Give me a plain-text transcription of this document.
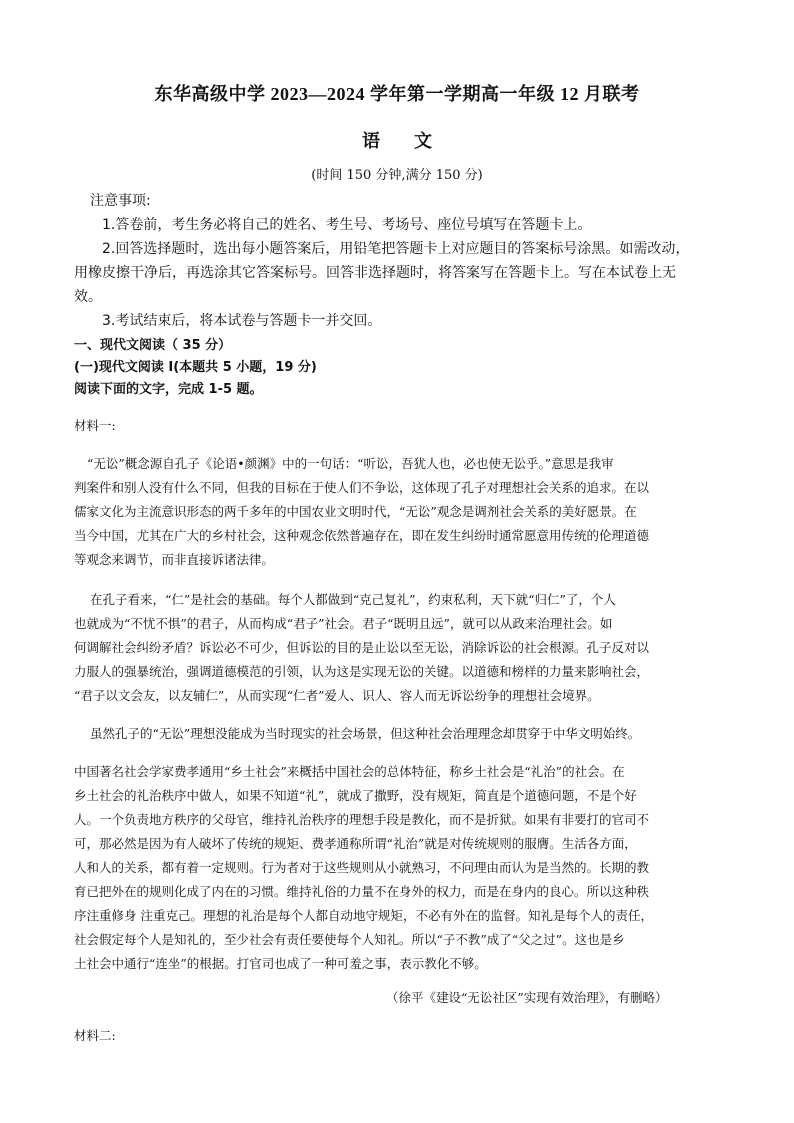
东华高级中学 2023—2024 学年第一学期高一年级 12 月联考
语文
(时间 150 分钟,满分 150 分)
注意事项:
1.答卷前，考生务必将自己的姓名、考生号、考场号、座位号填写在答题卡上。
2.回答选择题时，选出每小题答案后，用铅笔把答题卡上对应题目的答案标号涂黑。如需改动，
用橡皮擦干净后，再选涂其它答案标号。回答非选择题时，将答案写在答题卡上。写在本试卷上无
效。
3.考试结束后，将本试卷与答题卡一并交回。
一、现代文阅读（ 35 分）
(一)现代文阅读 I(本题共 5 小题，19 分)
阅读下面的文字，完成 1-5 题。
材料一:
“无讼”概念源自孔子《论语•颜渊》中的一句话：“听讼，吾犹人也，必也使无讼乎。”意思是我审
判案件和别人没有什么不同，但我的目标在于使人们不争讼，这体现了孔子对理想社会关系的追求。在以
儒家文化为主流意识形态的两千多年的中国农业文明时代，“无讼”观念是调剂社会关系的美好愿景。在
当今中国，尤其在广大的乡村社会，这种观念依然普遍存在，即在发生纠纷时通常愿意用传统的伦理道德
等观念来调节，而非直接诉诸法律。
在孔子看来，“仁”是社会的基础。每个人都做到“克己复礼”，约束私利，天下就“归仁”了，个人
也就成为“不忧不惧”的君子，从而构成“君子”社会。君子“既明且远”，就可以从政来治理社会。如
何调解社会纠纷矛盾？诉讼必不可少，但诉讼的目的是止讼以至无讼，消除诉讼的社会根源。孔子反对以
力服人的强暴统治，强调道德模范的引领，认为这是实现无讼的关键。以道德和榜样的力量来影响社会，
“君子以文会友，以友辅仁”，从而实现“仁者”爱人、识人、容人而无诉讼纷争的理想社会境界。
虽然孔子的“无讼”理想没能成为当时现实的社会场景，但这种社会治理理念却贯穿于中华文明始终。
中国著名社会学家费孝通用“乡土社会”来概括中国社会的总体特征，称乡土社会是“礼治”的社会。在
乡土社会的礼治秩序中做人，如果不知道“礼”，就成了撒野，没有规矩，简直是个道德问题，不是个好
人。一个负责地方秩序的父母官，维持礼治秩序的理想手段是教化，而不是折狱。如果有非要打的官司不
可，那必然是因为有人破坏了传统的规矩、费孝通称所谓“礼治”就是对传统规则的服膺。生活各方面，
人和人的关系，都有着一定规则。行为者对于这些规则从小就熟习，不问理由而认为是当然的。长期的教
育已把外在的规则化成了内在的习惯。维持礼俗的力量不在身外的权力，而是在身内的良心。所以这种秩
序注重修身 注重克己。理想的礼治是每个人都自动地守规矩，不必有外在的监督。知礼是每个人的责任，
社会假定每个人是知礼的，至少社会有责任要使每个人知礼。所以“子不教”成了“父之过”。这也是乡
土社会中通行“连坐”的根据。打官司也成了一种可羞之事，表示教化不够。
（徐平《建设“无讼社区”实现有效治理》，有删略）
材料二:
